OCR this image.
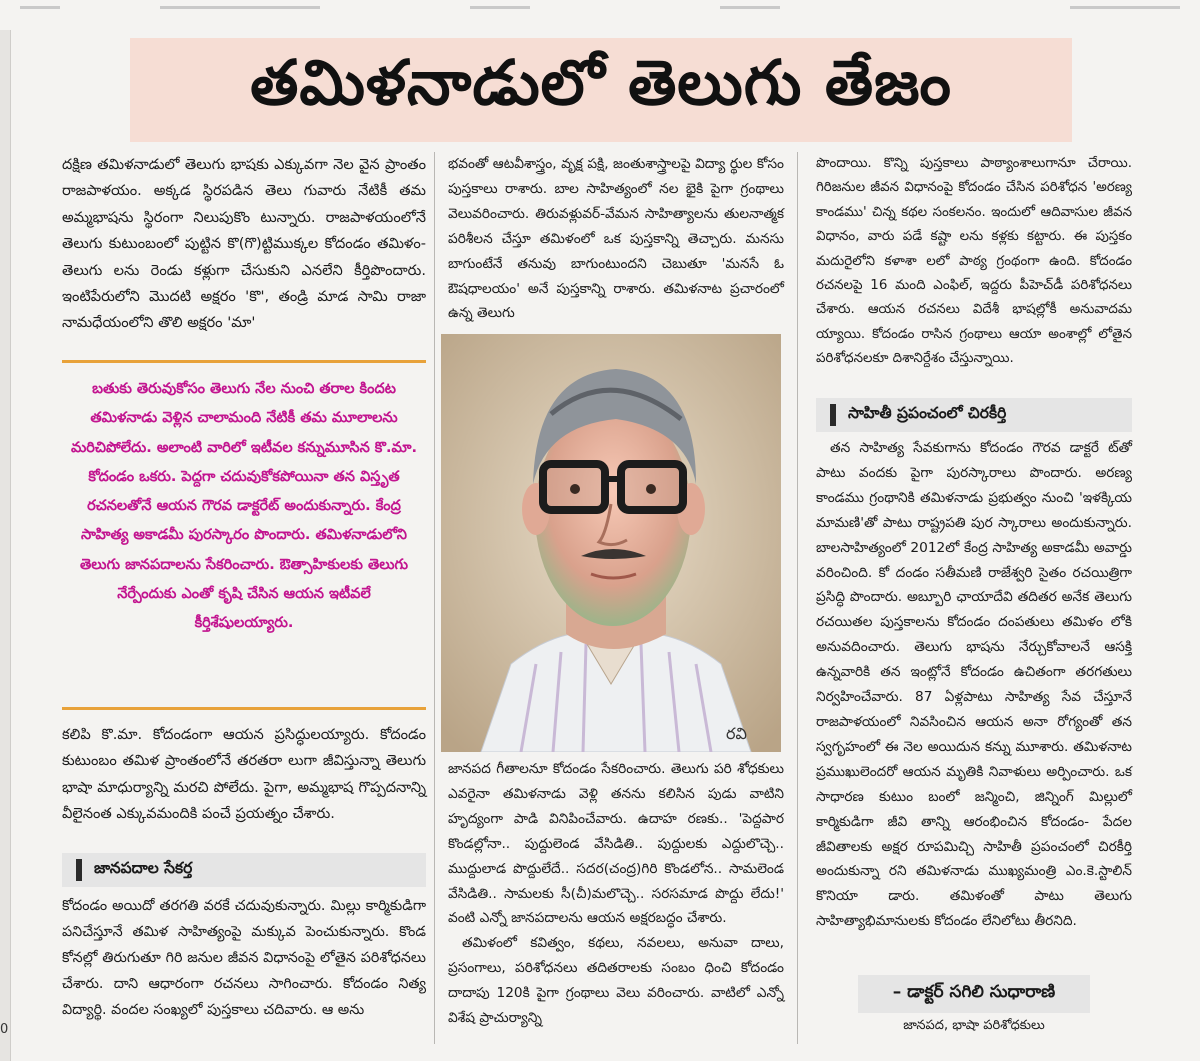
0
తమిళనాడులో తెలుగు తేజం

దక్షిణ తమిళనాడులో తెలుగు భాషకు ఎక్కువగా నెల వైన ప్రాంతం రాజపాళయం. అక్కడ స్థిరపడిన తెలు గువారు నేటికీ తమ అమ్మభాషను స్థిరంగా నిలుపుకొం టున్నారు. రాజపాళయంలోనే తెలుగు కుటుంబంలో పుట్టిన కొ(గొ)ట్టిముక్కల కోదండం తమిళం-తెలుగు లను రెండు కళ్లుగా చేసుకుని ఎనలేని కీర్తిపొందారు. ఇంటిపేరులోని మొదటి అక్షరం 'కొ', తండ్రి మాడ సామి రాజా నామధేయంలోని తొలి అక్షరం 'మా'

బతుకు తెరువుకోసం తెలుగు నేల నుంచి తరాల కిందట తమిళనాడు వెళ్లిన చాలామంది నేటికీ తమ మూలాలను మరిచిపోలేదు. అలాంటి వారిలో ఇటీవల కన్నుమూసిన కొ.మా. కోదండం ఒకరు. పెద్దగా చదువుకోకపోయినా తన విస్తృత రచనలతోనే ఆయన గౌరవ డాక్టరేట్ అందుకున్నారు. కేంద్ర సాహిత్య అకాడమీ పురస్కారం పొందారు. తమిళనాడులోని తెలుగు జానపదాలను సేకరించారు. ఔత్సాహికులకు తెలుగు నేర్పేందుకు ఎంతో కృషి చేసిన ఆయన ఇటీవలే కీర్తిశేషులయ్యారు.

కలిపి కొ.మా. కోదండంగా ఆయన ప్రసిద్ధులయ్యారు. కోదండం కుటుంబం తమిళ ప్రాంతంలోనే తరతరా లుగా జీవిస్తున్నా తెలుగు భాషా మాధుర్యాన్ని మరచి పోలేదు. పైగా, అమ్మభాష గొప్పదనాన్ని వీలైనంత ఎక్కువమందికి పంచే ప్రయత్నం చేశారు.

జానపదాల సేకర్త

కోదండం అయిదో తరగతి వరకే చదువుకున్నారు. మిల్లు కార్మికుడిగా పనిచేస్తూనే తమిళ సాహిత్యంపై మక్కువ పెంచుకున్నారు. కొండ కోనల్లో తిరుగుతూ గిరి జనుల జీవన విధానంపై లోతైన పరిశోధనలు చేశారు. దాని ఆధారంగా రచనలు సాగించారు. కోదండం నిత్య విద్యార్థి. వందల సంఖ్యలో పుస్తకాలు చదివారు. ఆ అను

భవంతో ఆటవీశాస్త్రం, వృక్ష పక్షి, జంతుశాస్త్రాలపై విద్యా ర్థుల కోసం పుస్తకాలు రాశారు. బాల సాహిత్యంలో నల భైకి పైగా గ్రంథాలు వెలువరించారు. తిరువళ్లువర్-వేమన సాహిత్యాలను తులనాత్మక పరిశీలన చేస్తూ తమిళంలో ఒక పుస్తకాన్ని తెచ్చారు. మనసు బాగుంటేనే తనువు బాగుంటుందని చెబుతూ 'మనసే ఓ ఔషధాలయం' అనే పుస్తకాన్ని రాశారు. తమిళనాట ప్రచారంలో ఉన్న తెలుగు

రవి

జానపద గీతాలనూ కోదండం సేకరించారు. తెలుగు పరి శోధకులు ఎవరైనా తమిళనాడు వెళ్లి తనను కలిసిన పుడు వాటిని హృద్యంగా పాడి వినిపించేవారు. ఉదాహ రణకు.. 'పెద్దపార కొండల్లోనా.. పుద్దులెండ వేసిడితి.. పుద్దులకు ఎద్దులొచ్చె.. ముద్దులాడ పొద్దులేదే.. సదర(చంద్ర)గిరి కొండలోన.. సామలెండ వేసిడితి.. సామలకు సీ(చీ)మలొచ్చె.. సరసమాడ పొద్దు లేదు!' వంటి ఎన్నో జానపదాలను ఆయన అక్షరబద్ధం చేశారు.

తమిళంలో కవిత్వం, కథలు, నవలలు, అనువా దాలు, ప్రసంగాలు, పరిశోధనలు తదితరాలకు సంబం ధించి కోదండం దాదాపు 120కి పైగా గ్రంథాలు వెలు వరించారు. వాటిలో ఎన్నో విశేష ప్రాచుర్యాన్ని

పొందాయి. కొన్ని పుస్తకాలు పాఠ్యాంశాలుగానూ చేరాయి. గిరిజనుల జీవన విధానంపై కోదండం చేసిన పరిశోధన 'అరణ్య కాండము' చిన్న కథల సంకలనం. ఇందులో ఆదివాసుల జీవన విధానం, వారు పడే కష్టా లను కళ్లకు కట్టారు. ఈ పుస్తకం మదురైలోని కళాశా లలో పాఠ్య గ్రంథంగా ఉంది. కోదండం రచనలపై 16 మంది ఎంఫిల్, ఇద్దరు పీహెచ్‌డీ పరిశోధనలు చేశారు. ఆయన రచనలు విదేశీ భాషల్లోకీ అనువాదమ య్యాయి. కోదండం రాసిన గ్రంథాలు ఆయా అంశాల్లో లోతైన పరిశోధనలకూ దిశానిర్దేశం చేస్తున్నాయి.

సాహితీ ప్రపంచంలో చిరకీర్తి

తన సాహిత్య సేవకుగాను కోదండం గౌరవ డాక్టరే ట్‌తో పాటు వందకు పైగా పురస్కారాలు పొందారు. అరణ్య కాండము గ్రంథానికి తమిళనాడు ప్రభుత్వం నుంచి 'ఇళక్కియ మామణి'తో పాటు రాష్ట్రపతి పుర స్కారాలు అందుకున్నారు. బాలసాహిత్యంలో 2012లో కేంద్ర సాహిత్య అకాడమీ అవార్డు వరించింది. కో దండం సతీమణి రాజేశ్వరి సైతం రచయిత్రిగా ప్రసిద్ధి పొందారు. అబ్బూరి ఛాయాదేవి తదితర అనేక తెలుగు రచయితల పుస్తకాలను కోదండం దంపతులు తమిళం లోకి అనువదించారు. తెలుగు భాషను నేర్చుకోవాలనే ఆసక్తి ఉన్నవారికి తన ఇంట్లోనే కోదండం ఉచితంగా తరగతులు నిర్వహించేవారు. 87 ఏళ్లపాటు సాహిత్య సేవ చేస్తూనే రాజపాళయంలో నివసించిన ఆయన అనా రోగ్యంతో తన స్వగృహంలో ఈ నెల అయిదున కన్ను మూశారు. తమిళనాట ప్రముఖులెందరో ఆయన మృతికి నివాళులు అర్పించారు. ఒక సాధారణ కుటుం బంలో జన్మించి, జిన్నింగ్ మిల్లులో కార్మికుడిగా జీవి తాన్ని ఆరంభించిన కోదండం- పేదల జీవితాలకు అక్షర రూపమిచ్చి సాహితీ ప్రపంచంలో చిరకీర్తి అందుకున్నా రని తమిళనాడు ముఖ్యమంత్రి ఎం.కె.స్టాలిన్ కొనియా డారు. తమిళంతో పాటు తెలుగు సాహిత్యాభిమానులకు కోదండం లేనిలోటు తీరనిది.

– డాక్టర్ సగిలి సుధారాణి
జానపద, భాషా పరిశోధకులు
